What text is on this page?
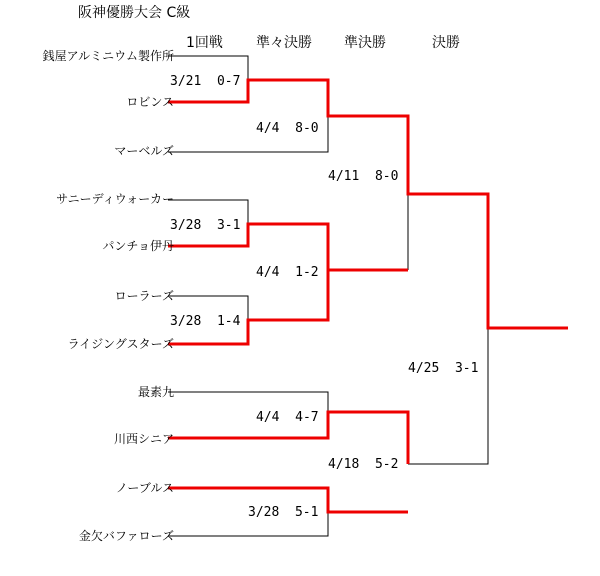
阪神優勝大会 C級
1回戦 準々決勝 準決勝	決勝
銭屋アルミニウム製作所
ロビンス
マーベルズ
サニーディウォーカー
パンチョ伊丹
ローラーズ
ライジングスターズ
最素九
川西シニア
ノーブルス
金欠バファローズ
3/21 0-7
4/4 8-0
3/28 3-1
4/11 8-0
4/4 1-2
3/28 1-4
4/25 3-1
4/4 4-7
4/18 5-2
3/28 5-1
